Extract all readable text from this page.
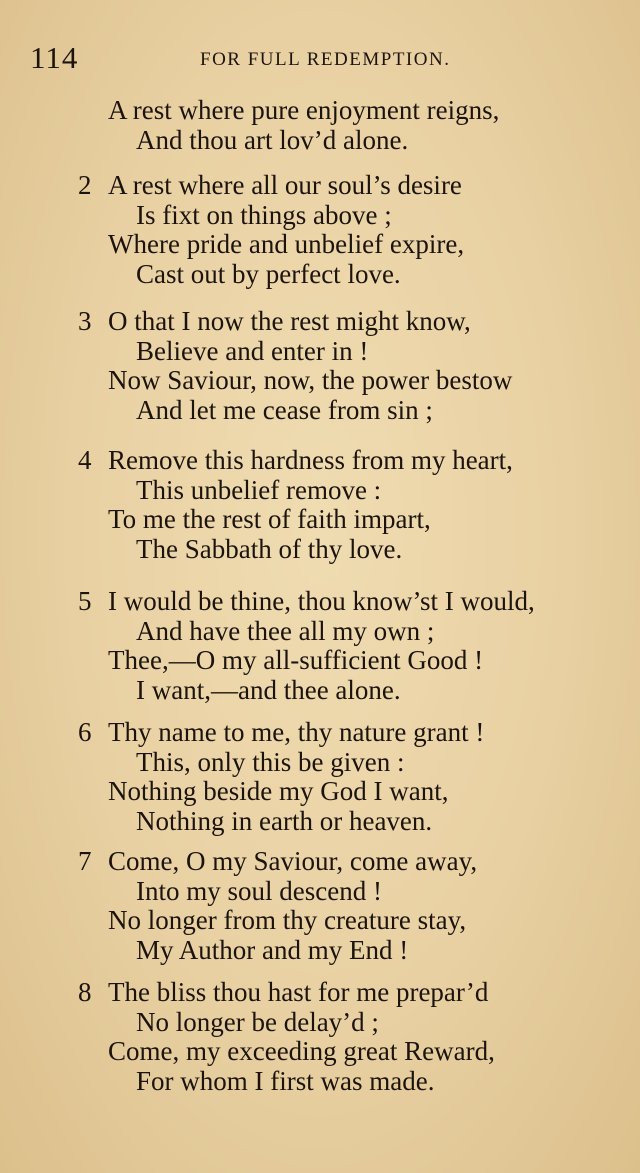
114	FOR FULL REDEMPTION.
A rest where pure enjoyment reigns,
And thou art lov’d alone.
2 A rest where all our soul’s desire
Is fixt on things above ;
Where pride and unbelief expire,
Cast out by perfect love.
3 O that I now the rest might know,
Believe and enter in !
Now Saviour, now, the power bestow
And let me cease from sin ;
4 Remove this hardness from my heart,
This unbelief remove :
To me the rest of faith impart,
The Sabbath of thy love.
5 I would be thine, thou know’st I would,
And have thee all my own ;
Thee,—O my all-sufficient Good !
I want,—and thee alone.
6 Thy name to me, thy nature grant !
This, only this be given :
Nothing beside my God I want,
Nothing in earth or heaven.
7 Come, O my Saviour, come away,
Into my soul descend !
No longer from thy creature stay,
My Author and my End !
8 The bliss thou hast for me prepar’d
No longer be delay’d ;
Come, my exceeding great Reward,
For whom I first was made.
